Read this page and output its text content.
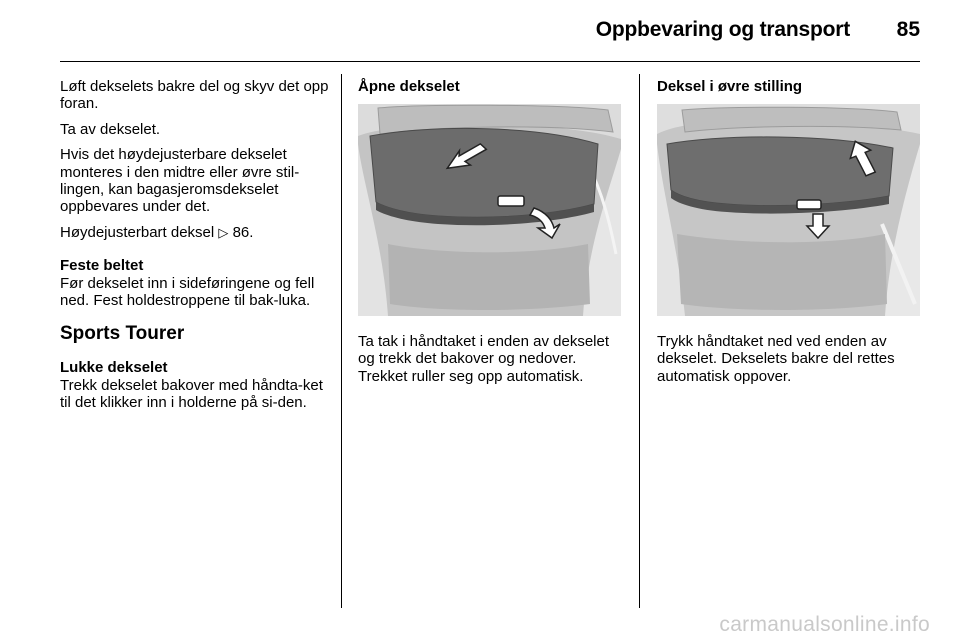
Oppbevaring og transport	85

Løft dekselets bakre del og skyv det opp foran.

Ta av dekselet.

Hvis det høydejusterbare dekselet monteres i den midtre eller øvre stil-lingen, kan bagasjeromsdekselet oppbevares under det.

Høydejusterbart deksel ▷ 86.

Feste beltet

Før dekselet inn i sideføringene og fell ned. Fest holdestroppene til bak-luka.

Sports Tourer

Lukke dekselet

Trekk dekselet bakover med håndta-ket til det klikker inn i holderne på si-den.

Åpne dekselet

Ta tak i håndtaket i enden av dekselet og trekk det bakover og nedover. Trekket ruller seg opp automatisk.

Deksel i øvre stilling

Trykk håndtaket ned ved enden av dekselet. Dekselets bakre del rettes automatisk oppover.
carmanualsonline.info
